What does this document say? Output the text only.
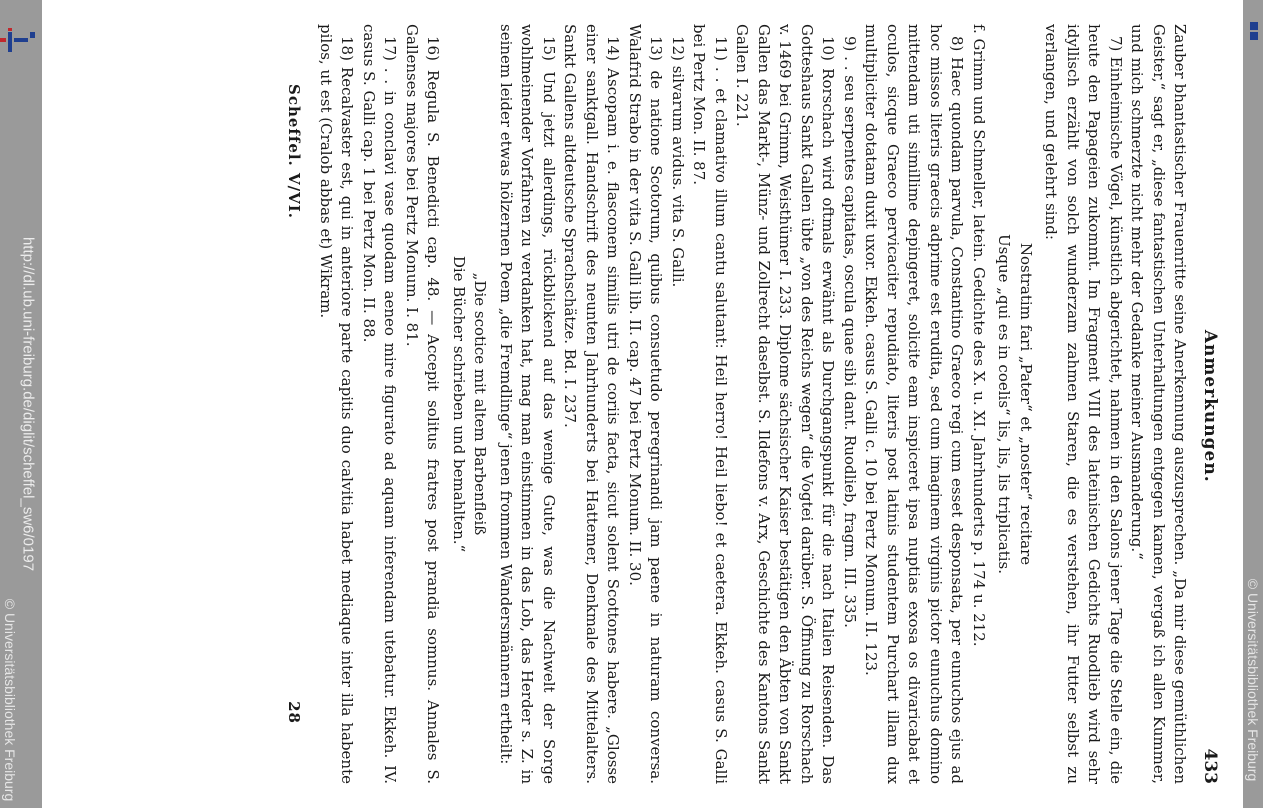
http://dl.ub.uni-freiburg.de/diglit/scheffel_sw6/0197
© Universitätsbibliothek Freiburg	© Universitätsbibliothek Freiburg
Anmerkungen.
433

Zauber bhantastischer Frauenritte seine Anerkennung auszusprechen. „Da mir diese gemüthlichen Geister,“ sagt er, „diese fantastischen Unterhaltungen entgegen kamen, vergaß ich allen Kummer, und mich schmerzte nicht mehr der Gedanke meiner Ausmanderung.“

7) Einheimische Vögel, künstlich abgerichtet, nahmen in den Salons jener Tage die Stelle ein, die heute den Papageien zukommt. Im Fragment VIII des lateinischen Gedichts Ruodlieb wird sehr idyllisch erzählt von solch wunderzam zahmen Staren, die es verstehen, ihr Futter selbst zu verlangen, und gelehrt sind:

Nostratim fari „Pater“ et „noster“ recitare
Usque „qui es in coelis“ lis, lis, lis triplicatis.

f. Grimm und Schmeller, latein. Gedichte des X. u. XI. Jahrhunderts p. 174 u. 212.

8) Haec quondam parvula, Constantino Graeco regi cum esset desponsata, per eunuchos ejus ad hoc missos literis graecis adprime est erudita, sed cum imaginem virginis pictor eunuchus domino mittendam uti simillime depingeret, solicite eam inspiceret ipsa nuptias exosa os divaricabat et oculos, sicque Graeco pervicaciter repudiato, literis post latinis studentem Purchart illam dux multipliciter dotatam duxit uxor. Ekkeh. casus S. Galli c. 10 bei Pertz Monum. II. 123.

9) . . seu serpentes capitatas, oscula quae sibi dant. Ruodlieb, fragm. III. 335.

10) Rorschach wird oftmals erwähnt als Durchgangspunkt für die nach Italien Reisenden. Das Gotteshaus Sankt Gallen übte „von des Reichs wegen“ die Vogtei darüber. S. Öffnung zu Rorschach v. 1469 bei Grimm, Weisthümer I. 233. Diplome sächsischer Kaiser bestätigen den Äbten von Sankt Gallen das Markt-, Münz- und Zollrecht daselbst. S. Ildefons v. Arx, Geschichte des Kantons Sankt Gallen I. 221.

11) . . et clamativo illum cantu salutant: Heil herro! Heil liebo! et caetera. Ekkeh. casus S. Galli bei Pertz Mon. II. 87.

12) silvarum avidus. vita S. Galli.

13) de natione Scotorum, quibus consuetudo peregrinandi jam paene in naturam conversa. Walafrid Strabo in der vita S. Galli lib. II. cap. 47 bei Pertz Monum. II. 30.

14) Ascopam i. e. flasconem similis utri de coriis facta, sicut solent Scottones habere. „Glosse einer sanktgall. Handschrift des neunten Jahrhunderts bei Hattemer, Denkmale des Mittelalters. Sankt Gallens altdeutsche Sprachschätze. Bd. I. 237.

15) Und jetzt allerdings, rückblickend auf das wenige Gute, was die Nachwelt der Sorge wohlmeinender Vorfahren zu verdanken hat, mag man einstimmen in das Lob, das Herder s. Z. in seinem leider etwas hölzernen Poem „die Fremdlinge“ jenen frommen Wandersmännern ertheilt:

„Die scotice mit altem Barbenfleiß
Die Bücher schrieben und bemahlten.“

16) Regula S. Benedicti cap. 48. — Accepit solitus fratres post prandia somnus. Annales S. Gallenses majores bei Pertz Monum. I. 81.

17) . . in conclavi vase quodam aeneo mire figurato ad aquam inferendam utebatur. Ekkeh. IV. casus S. Galli cap. 1 bei Pertz Mon. II. 88.

18) Recalvaster est, qui in anteriore parte capitis duo calvitia habet mediaque inter illa habente pilos, ut est (Cralob abbas et) Wikram.

Scheffel. V/VI.
28
